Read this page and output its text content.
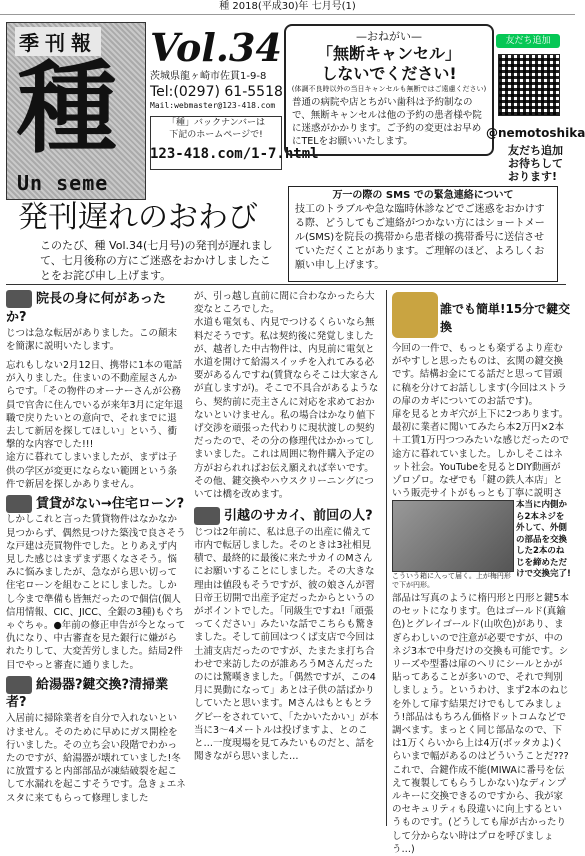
種 2018(平成30)年 七月号(1)
季刊報
種
Un seme
Vol.34
茨城県龍ヶ崎市佐貫1-9-8
Tel:(0297) 61-5518
Mail:webmaster@123-418.com
「種」バックナンバーは
下記のホームページで!
123-418.com/1-7.html
—おねがい—
「無断キャンセル」
しないでください!
(体調不良時以外の当日キャンセルも無断ではご遠慮ください)
普通の病院や店とちがい歯科は予約制なので、無断キャンセルは他の予約の患者様や院に迷惑がかかります。ご予約の変更はお早めにTELをお願いいたします。
友だち追加
@nemotoshika
友だち追加
お待ちして
おります!
発刊遅れのおわび
このたび、種 Vol.34(七月号)の発刊が遅れまして、七月後称の方にご迷惑をおかけしましたことをお詫び申し上げます。
万一の際の SMS での緊急連絡について
技工のトラブルや急な臨時休診などでご迷惑をおかけする際、どうしてもご連絡がつかない方にはショートメール(SMS)を院長の携帯から患者様の携帯番号に送信させていただくことがあります。ご理解のほど、よろしくお願い申し上げます。
院長の身に何があったか?
じつは急な転居がありました。この顛末を簡潔に説明いたします。
忘れもしない2月12日、携帯に1本の電話が入りました。住まいの不動産屋さんからです。「その物件のオーナーさんが公務員で官舎に住んでいるが来年3月に定年退職で戻りたいとの意向で、それまでに退去して新居を探してほしい」という、衝撃的な内容でした!!!
途方に暮れてしまいましたが、まずは子供の学区が変更にならない範囲という条件で新居を探しかありません。
賃貸がない→住宅ローン?
しかしこれと言った賃貸物件はなかなか見つからず、偶然見つけた築浅で良さそうな戸建は売買物件でした。とりあえず内見した感じはまずまず悪くなさそう。悩みに悩みましたが、急ながら思い切って住宅ローンを組むことにしました。しかし今まで準備も皆無だったので個信(個人信用情報、CIC、JICC、全銀の3種)もぐちゃぐちゃ。●年前の修正申告が今となって仇になり、中古審査を見た銀行に嫌がられたりして、大変苦労しました。結局2件目でやっと審査に通りました。
給湯器?鍵交換?清掃業者?
入居前に掃除業者を自分で入れないといけません。そのために早めにガス開栓を行いました。その立ち会い段階でわかったのですが、給湯器が壊れていました!冬に放置すると内部部品が凍結破裂を起こして水漏れを起こすそうです。急きょエネスタに来てもらって修理しました
が、引っ越し直前に間に合わなかったら大変なところでした。
水道も電気も、内見でつけるくらいなら無料だそうです。私は契約後に発覚しましたが、越者した中古物件は、内見前に電気と水道を開けて給湯スイッチを入れてみる必要があるんですね(賃貸ならそこは大家さんが直しますが)。そこで不具合があるようなら、契約前に売主さんに対応を求めておかないといけません。私の場合はかなり値下げ交渉を頑張った代わりに現状渡しの契約だったので、その分の修理代はかかってしまいました。これは周囲に物件購入予定の方がおられればお伝え願えれば幸いです。その他、鍵交換やハウスクリーニングについては橋を改めます。
引越のサカイ、前回の人?
じつは2年前に、私は息子の出産に備えて市内で転居しました。そのときは3社相見積で、最終的に最後に来たサカイのMさんにお願いすることにしました。その大きな理由は値段もそうですが、彼の娘さんが習日帝王切開で出産予定だったからというのがポイントでした。「同級生ですね!「頑張ってください」みたいな話でこちらも驚きました。そして前回はつくば支店で今回は土浦支店だったのですが、たまたま打ち合わせで来訪したのが誰あろうMさんだったのには驚嘆きました。「偶然ですが、この4月に異動になって」あとは子供の話ばかりしていたと思います。Mさんはもともとラグビーをされていて、「たかいたかい」が本当に3～4メートルは投げますよ、とのこと…一度現場を見てみたいものだと、話を聞きながら思いました…
誰でも簡単!15分で鍵交換
今回の一件で、もっとも楽ずるより産むがやすしと思ったものは、玄関の鍵交換です。結構お金にてる話だと思って冒頭に稿を分けてお話しします(今回はストラの扉のカギについてのお話です)。
扉を見るとカギ穴が上下に2つあります。最初に業者に聞いてみたら本2万円×2本＋工賃1万円つつみたいな感じだったので途方に暮れていました。しかしそこはネット社会。YouTubeを見るとDIY動画がゾロゾロ。なぜでも「鍵の鉄人本店」という販売サイトがもっとも丁寧に説明さ
本当に内側から2本ネジを外して、外側の部品を交換した2本のねじを締めただけで交換完了!
こういう箱に入って届く。上が梅円形で下が円形。
部品は写真のように楕円形と円形と鍵5本のセットになります。色はゴールド(真鍮色)とグレイゴールド(山吹色)があり、まぎらわしいので注意が必要ですが、中のネジ3本で中身だけの交換も可能です。シリーズや型番は扉のヘリにシールとかが貼ってあることが多いので、それで判別しましょう。というわけ、まず2本のねじを外して扉す結果だけでもしてみましょう!部品はもちろん価格ドットコムなどで調べます。まっとく同じ部品なので、下は1万くらいから上は4万(ボッタカよ)くらいまで幅があるのはどういうことだ???
これで、合鍵作成不能(MIWAに番号を伝えて複製してもらうしかない)なディンプルキーに交換できるのですから、我が家のセキュリティも段違いに向上するというものです。(どうしても扉が古かったりして分からない時はプロを呼びましょう…)
